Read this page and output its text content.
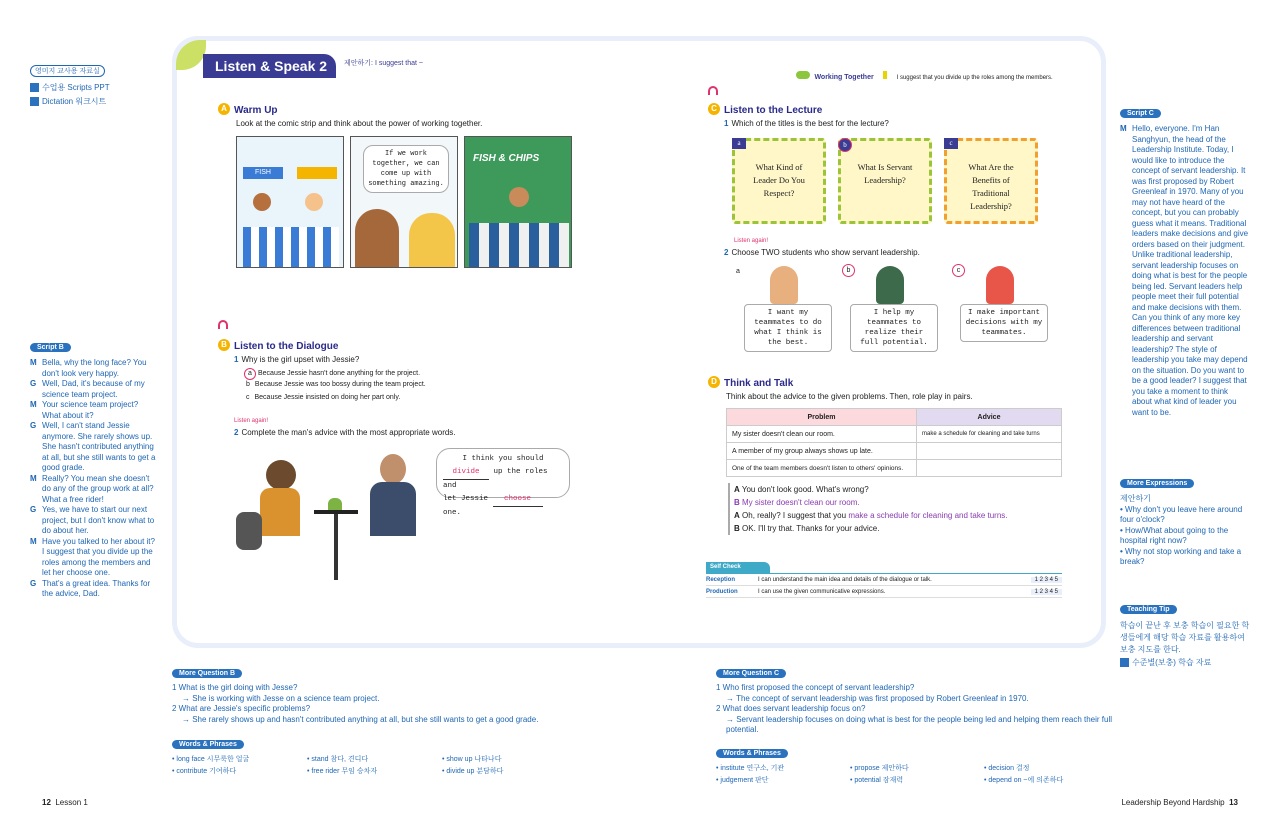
영미지 교사용 자료실
수업용 Scripts PPT
Dictation 워크시트
Script B
M Bella, why the long face? You don't look very happy.
G Well, Dad, it's because of my science team project.
M Your science team project? What about it?
G Well, I can't stand Jessie anymore. She rarely shows up. She hasn't contributed anything at all, but she still wants to get a good grade.
M Really? You mean she doesn't do any of the group work at all? What a free rider!
G Yes, we have to start our next project, but I don't know what to do about her.
M Have you talked to her about it? I suggest that you divide up the roles among the members and let her choose one.
G That's a great idea. Thanks for the advice, Dad.
Listen & Speak 2	제안하기: I suggest that ~
Working Together	I suggest that you divide up the roles among the members.
A Warm Up
Look at the comic strip and think about the power of working together.
FISH
If we work together, we can come up with something amazing.
FISH & CHIPS
B Listen to the Dialogue
1 Why is the girl upset with Jessie?
a Because Jessie hasn't done anything for the project.
b Because Jessie was too bossy during the team project.
c Because Jessie insisted on doing her part only.
Listen again!
2 Complete the man's advice with the most appropriate words.
I think you should
divide up the roles and
let Jessie choose one.
C Listen to the Lecture
1 Which of the titles is the best for the lecture?
a
What Kind of Leader Do You Respect?
b
What Is Servant Leadership?
c
What Are the Benefits of Traditional Leadership?
Listen again!
2 Choose TWO students who show servant leadership.
a	b	c
I want my teammates to do what I think is the best.
I help my teammates to realize their full potential.
I make important decisions with my teammates.
D Think and Talk
Think about the advice to the given problems. Then, role play in pairs.
Problem	Advice
My sister doesn't clean our room.	make a schedule for cleaning and take turns
A member of my group always shows up late.	
One of the team members doesn't listen to others' opinions.	
A You don't look good. What's wrong?
B My sister doesn't clean our room.
A Oh, really? I suggest that you make a schedule for cleaning and take turns.
B OK. I'll try that. Thanks for your advice.
Self Check
Reception	I can understand the main idea and details of the dialogue or talk.	1 2 3 4 5
Production	I can use the given communicative expressions.	1 2 3 4 5
Script C
M Hello, everyone. I'm Han Sanghyun, the head of the Leadership Institute. Today, I would like to introduce the concept of servant leadership. It was first proposed by Robert Greenleaf in 1970. Many of you may not have heard of the concept, but you can probably guess what it means. Traditional leaders make decisions and give orders based on their judgment. Unlike traditional leadership, servant leadership focuses on doing what is best for the people being led. Servant leaders help people meet their full potential and make decisions with them. Can you think of any more key differences between traditional leadership and servant leadership? The style of leadership you take may depend on the situation. Do you want to be a good leader? I suggest that you take a moment to think about what kind of leader you want to be.
More Expressions
제안하기
• Why don't you leave here around four o'clock?
• How/What about going to the hospital right now?
• Why not stop working and take a break?
Teaching Tip
학습이 끝난 후 보충 학습이 필요한 학생들에게 해당 학습 자료를 활용하여 보충 지도를 한다.
수준별(보충) 학습 자료
More Question B
1 What is the girl doing with Jesse?
→ She is working with Jesse on a science team project.
2 What are Jessie's specific problems?
→ She rarely shows up and hasn't contributed anything at all, but she still wants to get a good grade.
Words & Phrases
• long face 시무룩한 얼굴	• stand 참다, 견디다	• show up 나타나다
• contribute 기여하다	• free rider 무임 승차자	• divide up 분담하다
More Question C
1 Who first proposed the concept of servant leadership?
→ The concept of servant leadership was first proposed by Robert Greenleaf in 1970.
2 What does servant leadership focus on?
→ Servant leadership focuses on doing what is best for the people being led and helping them reach their full potential.
Words & Phrases
• institute 연구소, 기관	• propose 제안하다	• decision 결정
• judgement 판단	• potential 잠재력	• depend on ~에 의존하다
12 Lesson 1	Leadership Beyond Hardship 13
